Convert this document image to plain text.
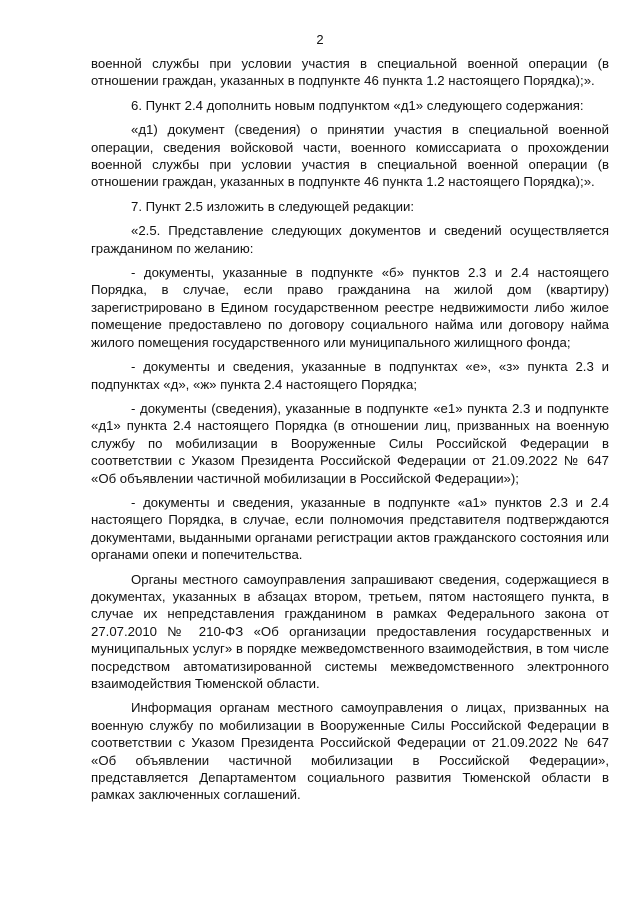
2

военной службы при условии участия в специальной военной операции (в отношении граждан, указанных в подпункте 46 пункта 1.2 настоящего Порядка);».

6. Пункт 2.4 дополнить новым подпунктом «д1» следующего содержания:

«д1) документ (сведения) о принятии участия в специальной военной операции, сведения войсковой части, военного комиссариата о прохождении военной службы при условии участия в специальной военной операции (в отношении граждан, указанных в подпункте 46 пункта 1.2 настоящего Порядка);».

7. Пункт 2.5 изложить в следующей редакции:

«2.5. Представление следующих документов и сведений осуществляется гражданином по желанию:

- документы, указанные в подпункте «б» пунктов 2.3 и 2.4 настоящего Порядка, в случае, если право гражданина на жилой дом (квартиру) зарегистрировано в Едином государственном реестре недвижимости либо жилое помещение предоставлено по договору социального найма или договору найма жилого помещения государственного или муниципального жилищного фонда;

- документы и сведения, указанные в подпунктах «е», «з» пункта 2.3 и подпунктах «д», «ж» пункта 2.4 настоящего Порядка;

- документы (сведения), указанные в подпункте «е1» пункта 2.3 и подпункте «д1» пункта 2.4 настоящего Порядка (в отношении лиц, призванных на военную службу по мобилизации в Вооруженные Силы Российской Федерации в соответствии с Указом Президента Российской Федерации от 21.09.2022 № 647 «Об объявлении частичной мобилизации в Российской Федерации»);

- документы и сведения, указанные в подпункте «а1» пунктов 2.3 и 2.4 настоящего Порядка, в случае, если полномочия представителя подтверждаются документами, выданными органами регистрации актов гражданского состояния или органами опеки и попечительства.

Органы местного самоуправления запрашивают сведения, содержащиеся в документах, указанных в абзацах втором, третьем, пятом настоящего пункта, в случае их непредставления гражданином в рамках Федерального закона от 27.07.2010 № 210-ФЗ «Об организации предоставления государственных и муниципальных услуг» в порядке межведомственного взаимодействия, в том числе посредством автоматизированной системы межведомственного электронного взаимодействия Тюменской области.

Информация органам местного самоуправления о лицах, призванных на военную службу по мобилизации в Вооруженные Силы Российской Федерации в соответствии с Указом Президента Российской Федерации от 21.09.2022 № 647 «Об объявлении частичной мобилизации в Российской Федерации», представляется Департаментом социального развития Тюменской области в рамках заключенных соглашений.
